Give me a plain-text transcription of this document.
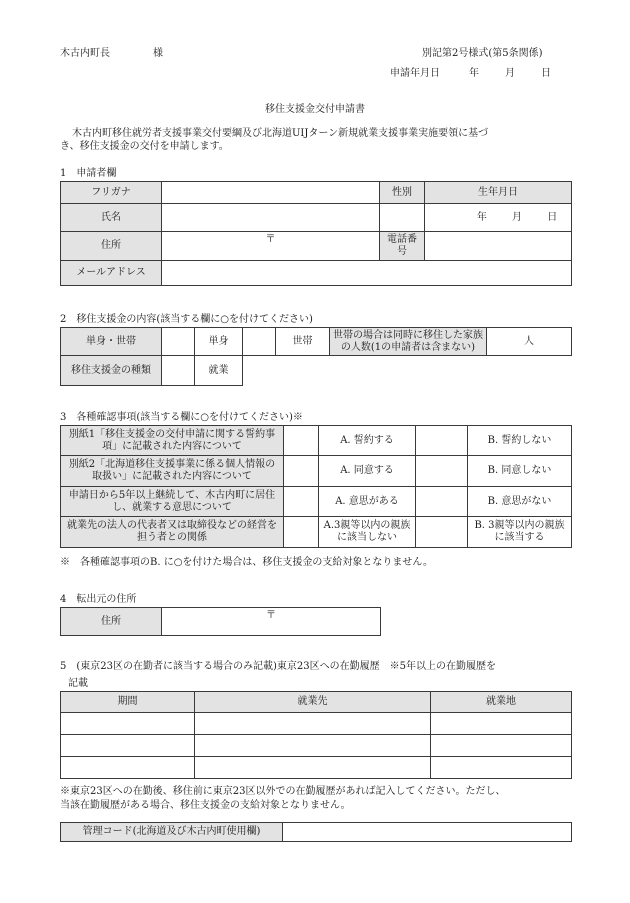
木古内町長	様	別記第2号様式(第5条関係)
申請年月日	年	月	日
移住支援金交付申請書
木古内町移住就労者支援事業交付要綱及び北海道UIJターン新規就業支援事業実施要領に基づ
き、移住支援金の交付を申請します。
1　申請者欄
フリガナ		性別	生年月日
氏名			年 月 日
住所	〒	電話番号	
メールアドレス			
2　移住支援金の内容(該当する欄に○を付けてください)
単身・世帯		単身		世帯	世帯の場合は同時に移住した家族の人数(1の申請者は含まない)	人
移住支援金の種類		就業				
3　各種確認事項(該当する欄に○を付けてください)※
別紙1「移住支援金の交付申請に関する誓約事項」に記載された内容について		A. 誓約する		B. 誓約しない
別紙2「北海道移住支援事業に係る個人情報の取扱い」に記載された内容について		A. 同意する		B. 同意しない
申請日から5年以上継続して、木古内町に居住し、就業する意思について		A. 意思がある		B. 意思がない
就業先の法人の代表者又は取締役などの経営を担う者との関係		A.3親等以内の親族に該当しない		B. 3親等以内の親族に該当する
※　各種確認事項のB. に○を付けた場合は、移住支援金の支給対象となりません。
4　転出元の住所
住所	〒
5　(東京23区の在勤者に該当する場合のみ記載)東京23区への在勤履歴　※5年以上の在勤履歴を
記載
期間	就業先	就業地

※東京23区への在勤後、移住前に東京23区以外での在勤履歴があれば記入してください。ただし、
当該在勤履歴がある場合、移住支援金の支給対象となりません。
管理コード(北海道及び木古内町使用欄)	
